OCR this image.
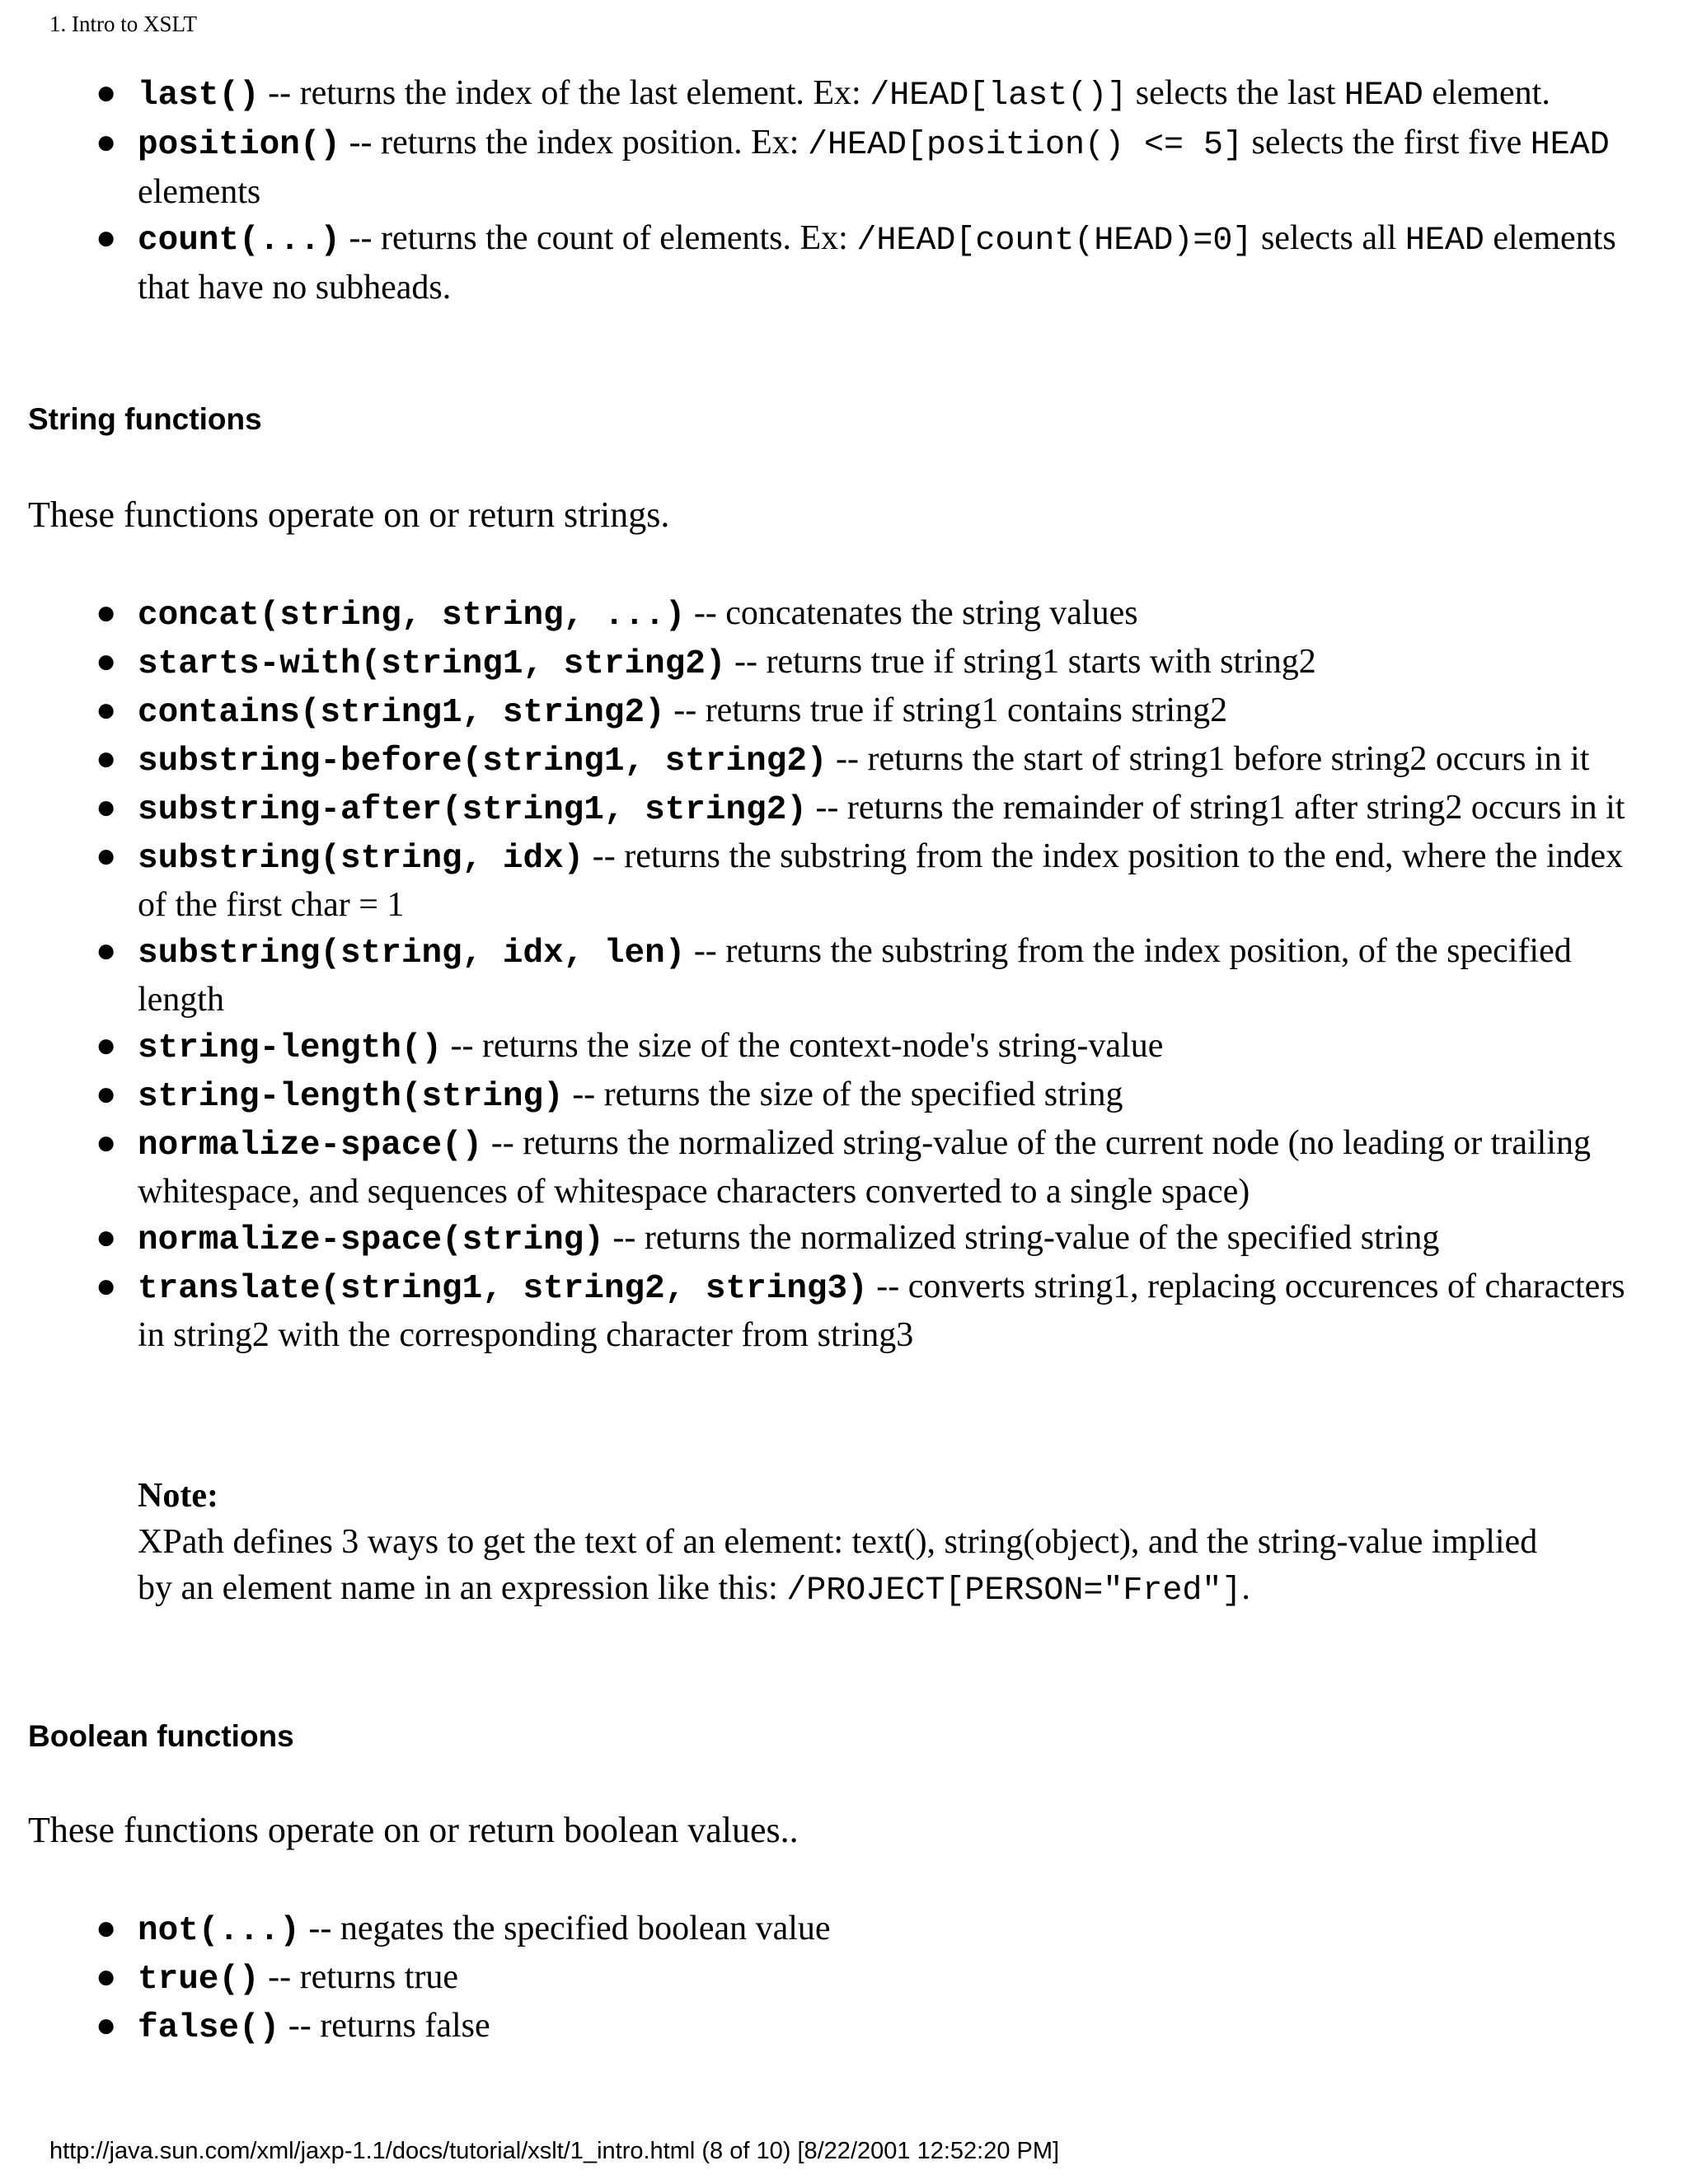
1. Intro to XSLT
● last() -- returns the index of the last element. Ex: /HEAD[last()] selects the last HEAD element.
● position() -- returns the index position. Ex: /HEAD[position() <= 5] selects the first five HEAD elements
● count(...) -- returns the count of elements. Ex: /HEAD[count(HEAD)=0] selects all HEAD elements that have no subheads.
String functions

These functions operate on or return strings.

● concat(string, string, ...) -- concatenates the string values
● starts-with(string1, string2) -- returns true if string1 starts with string2
● contains(string1, string2) -- returns true if string1 contains string2
● substring-before(string1, string2) -- returns the start of string1 before string2 occurs in it
● substring-after(string1, string2) -- returns the remainder of string1 after string2 occurs in it
● substring(string, idx) -- returns the substring from the index position to the end, where the index of the first char = 1
● substring(string, idx, len) -- returns the substring from the index position, of the specified length
● string-length() -- returns the size of the context-node's string-value
● string-length(string) -- returns the size of the specified string
● normalize-space() -- returns the normalized string-value of the current node (no leading or trailing whitespace, and sequences of whitespace characters converted to a single space)
● normalize-space(string) -- returns the normalized string-value of the specified string
● translate(string1, string2, string3) -- converts string1, replacing occurences of characters in string2 with the corresponding character from string3
Note:
XPath defines 3 ways to get the text of an element: text(), string(object), and the string-value implied by an element name in an expression like this: /PROJECT[PERSON="Fred"].
Boolean functions

These functions operate on or return boolean values..

● not(...) -- negates the specified boolean value
● true() -- returns true
● false() -- returns false
http://java.sun.com/xml/jaxp-1.1/docs/tutorial/xslt/1_intro.html (8 of 10) [8/22/2001 12:52:20 PM]
